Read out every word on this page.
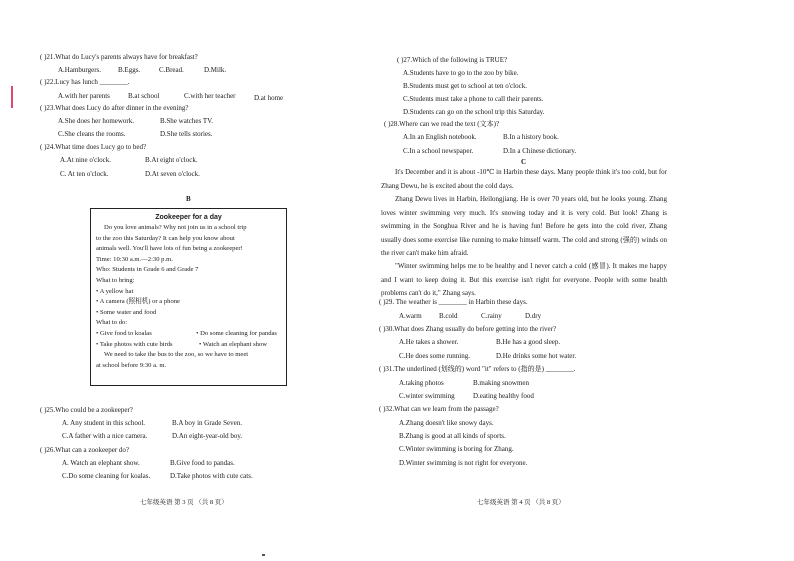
( )21.What do Lucy's parents always have for breakfast?
A.Hamburgers. B.Eggs.	C.Bread.	D.Milk.
( )22.Lucy has lunch ________.
A.with her parents	B.at school	C.with her teacher	D.at home
( )23.What does Lucy do after dinner in the evening?
A.She does her homework.	B.She watches TV.
C.She cleans the rooms.	D.She tells stories.
( )24.What time does Lucy go to bed?
A.At nine o'clock.	B.At eight o'clock.
C. At ten o'clock.	D.At seven o'clock.
B
Zookeeper for a day
Do you love animals? Why not join us in a school trip
to the zoo this Saturday? It can help you know about
animals well. You'll have lots of fun being a zookeeper!
Time: 10:30 a.m.—2:30 p.m.
Who: Students in Grade 6 and Grade 7
What to bring:
• A yellow hat
• A camera (照相机) or a phone
• Some water and food
What to do:
• Give food to koalas	• Do some cleaning for pandas
• Take photos with cute birds	• Watch an elephant show
We need to take the bus to the zoo, so we have to meet
at school before 9:30 a. m.
( )25.Who could be a zookeeper?
A. Any student in this school.	B.A boy in Grade Seven.
C.A father with a nice camera.	D.An eight-year-old boy.
( )26.What can a zookeeper do?
A. Watch an elephant show.	B.Give food to pandas.
C.Do some cleaning for koalas.	D.Take photos with cute cats.
七年级英语 第 3 页 （共 8 页）
( )27.Which of the following is TRUE?
A.Students have to go to the zoo by bike.
B.Students must get to school at ten o'clock.
C.Students must take a phone to call their parents.
D.Students can go on the school trip this Saturday.
( )28.Where can we read the text (文本)?
A.In an English notebook.	B.In a history book.
C.In a school newspaper.	D.In a Chinese dictionary.
C
It's December and it is about -10℃ in Harbin these days. Many people think it's too cold, but for Zhang Dewu, he is excited about the cold days.
Zhang Dewu lives in Harbin, Heilongjiang. He is over 70 years old, but he looks young. Zhang loves winter swimming very much. It's snowing today and it is very cold. But look! Zhang is swimming in the Songhua River and he is having fun! Before he gets into the cold river, Zhang usually does some exercise like running to make himself warm. The cold and strong (强的) winds on the river can't make him afraid.
"Winter swimming helps me to be healthy and I never catch a cold (感冒). It makes me happy and I want to keep doing it. But this exercise isn't right for everyone. People with some health problems can't do it," Zhang says.
( )29. The weather is ________ in Harbin these days.
A.warm B.cold	C.rainy	D.dry
( )30.What does Zhang usually do before getting into the river?
A.He takes a shower.	B.He has a good sleep.
C.He does some running.	D.He drinks some hot water.
( )31.The underlined (划线的) word "it" refers to (指的是) ________.
A.taking photos	B.making snowmen
C.winter swimming	D.eating healthy food
( )32.What can we learn from the passage?
A.Zhang doesn't like snowy days.
B.Zhang is good at all kinds of sports.
C.Winter swimming is boring for Zhang.
D.Winter swimming is not right for everyone.
七年级英语 第 4 页 （共 8 页）
